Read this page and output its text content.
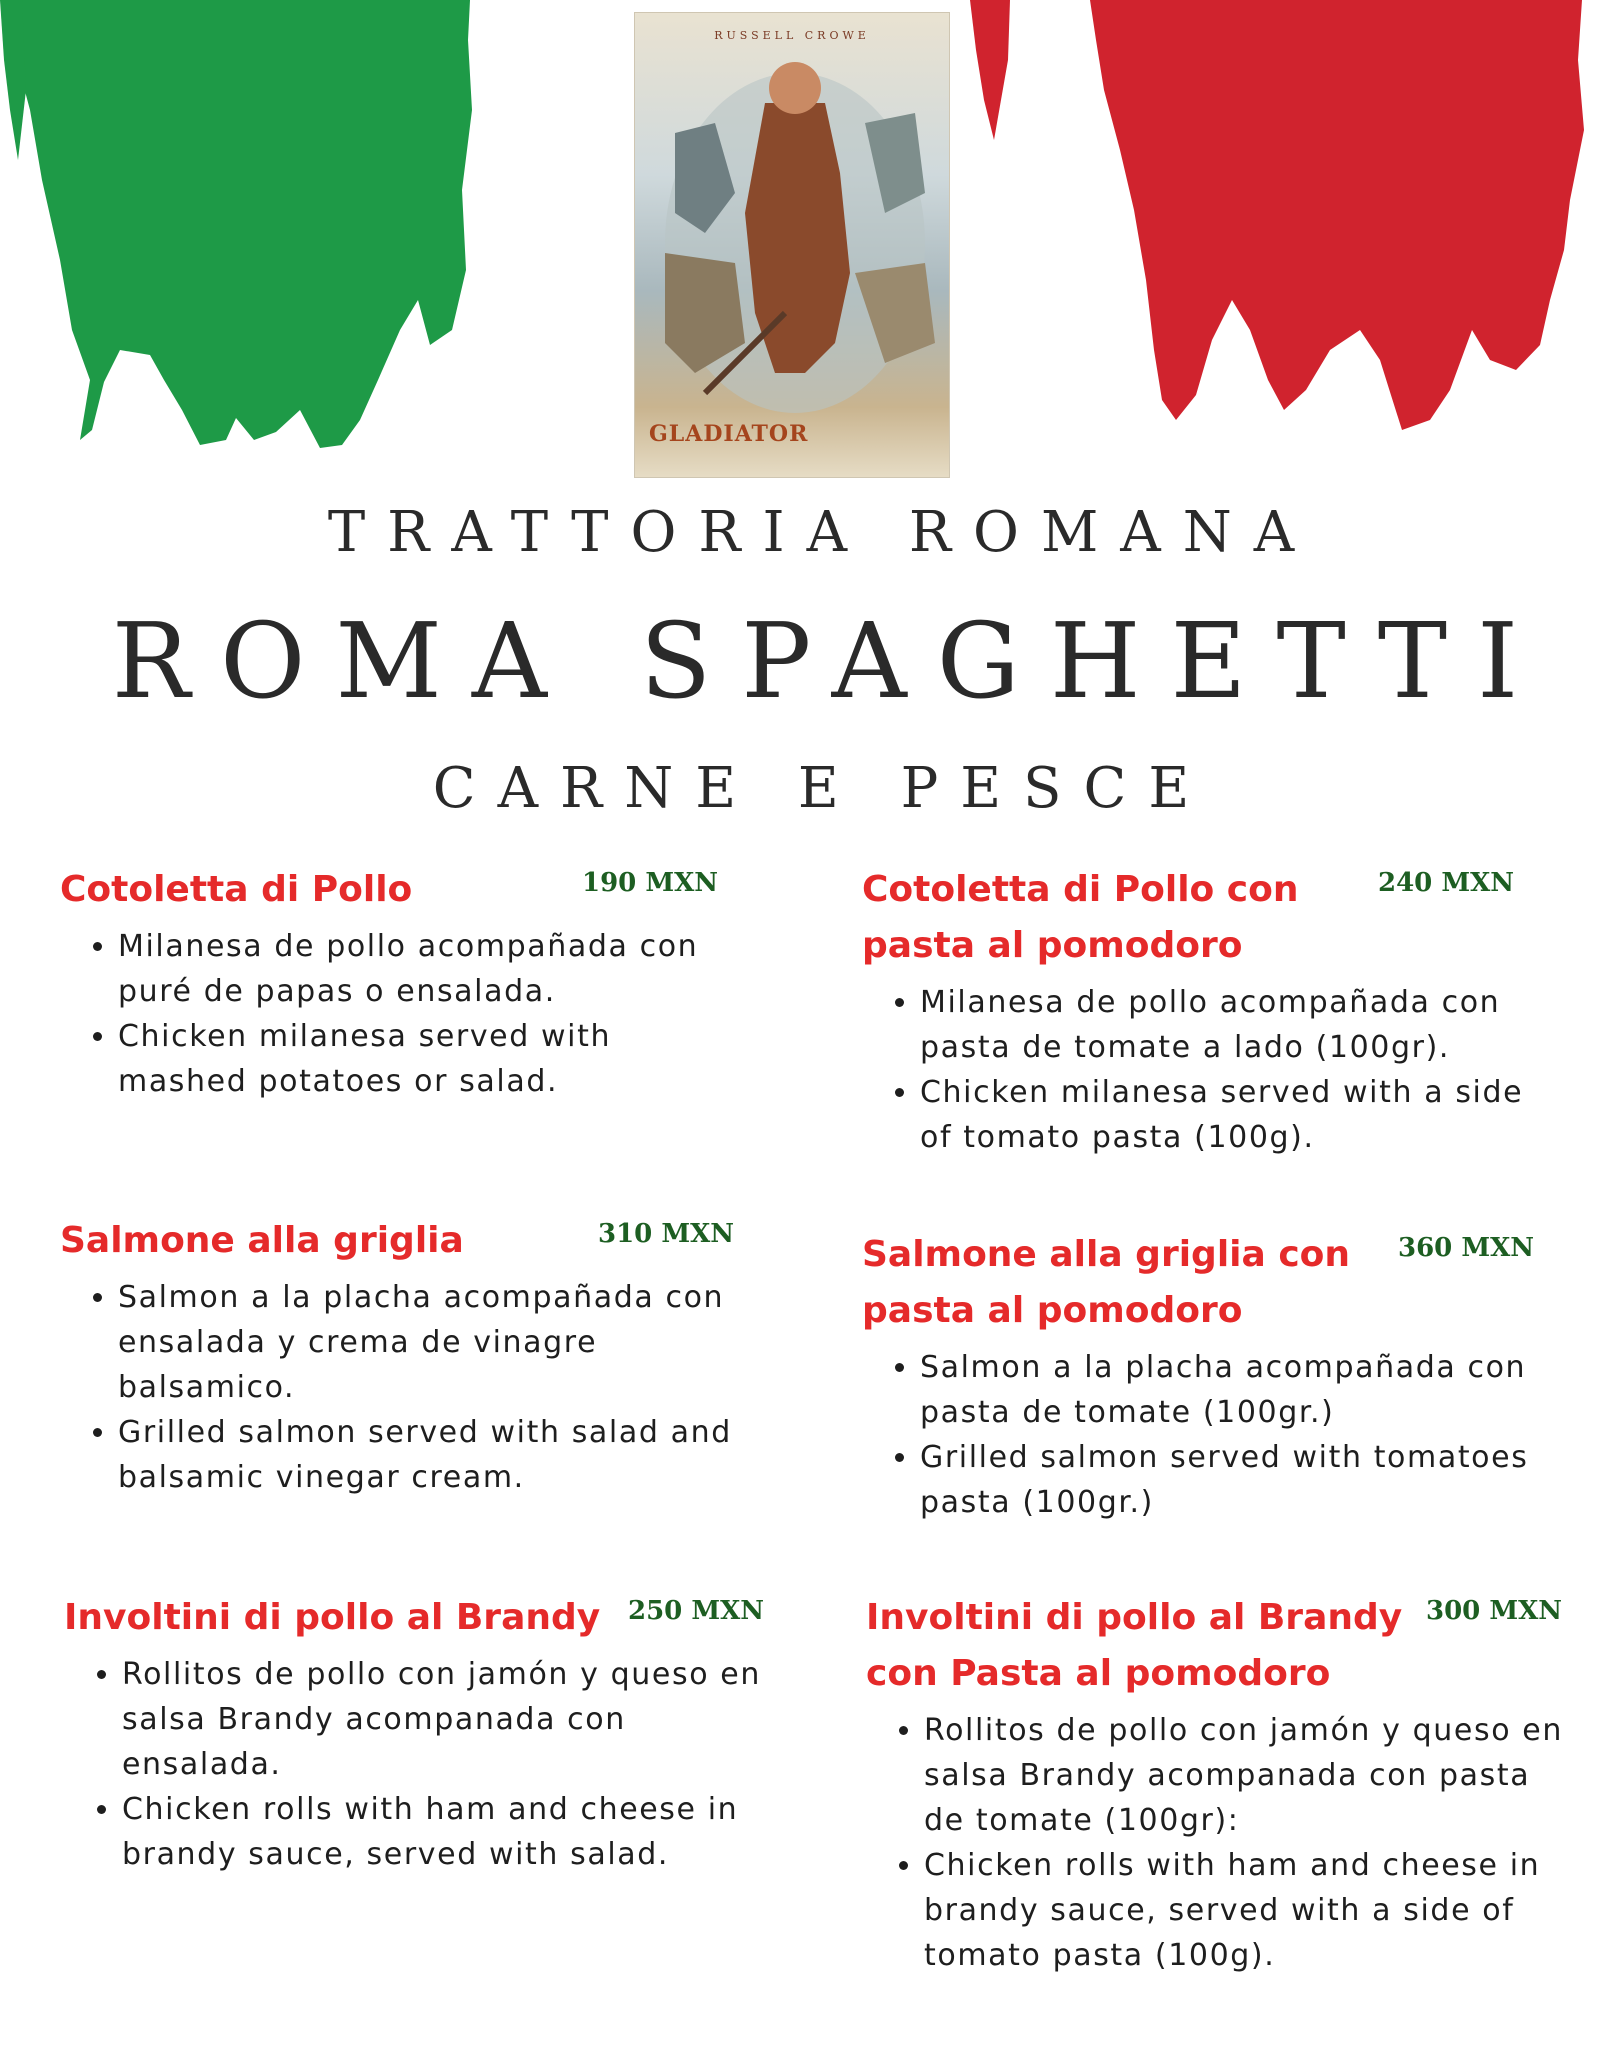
RUSSELL CROWE
GLADIATOR
TRATTORIA ROMANA
ROMA SPAGHETTI
CARNE E PESCE
Cotoletta di Pollo	190 MXN
• Milanesa de pollo acompañada con puré de papas o ensalada.
• Chicken milanesa served with mashed potatoes or salad.
Cotoletta di Pollo con pasta al pomodoro
240 MXN
• Milanesa de pollo acompañada con pasta de tomate a lado (100gr).
• Chicken milanesa served with a side of tomato pasta (100g).
Salmone alla griglia	310 MXN
• Salmon a la placha acompañada con ensalada y crema de vinagre balsamico.
• Grilled salmon served with salad and balsamic vinegar cream.
Salmone alla griglia con pasta al pomodoro
360 MXN
• Salmon a la placha acompañada con pasta de tomate (100gr.)
• Grilled salmon served with tomatoes pasta (100gr.)
Involtini di pollo al Brandy	250 MXN
• Rollitos de pollo con jamón y queso en salsa Brandy acompanada con ensalada.
• Chicken rolls with ham and cheese in brandy sauce, served with salad.
Involtini di pollo al Brandy con Pasta al pomodoro
300 MXN
• Rollitos de pollo con jamón y queso en salsa Brandy acompanada con pasta de tomate (100gr):
• Chicken rolls with ham and cheese in brandy sauce, served with a side of tomato pasta (100g).
